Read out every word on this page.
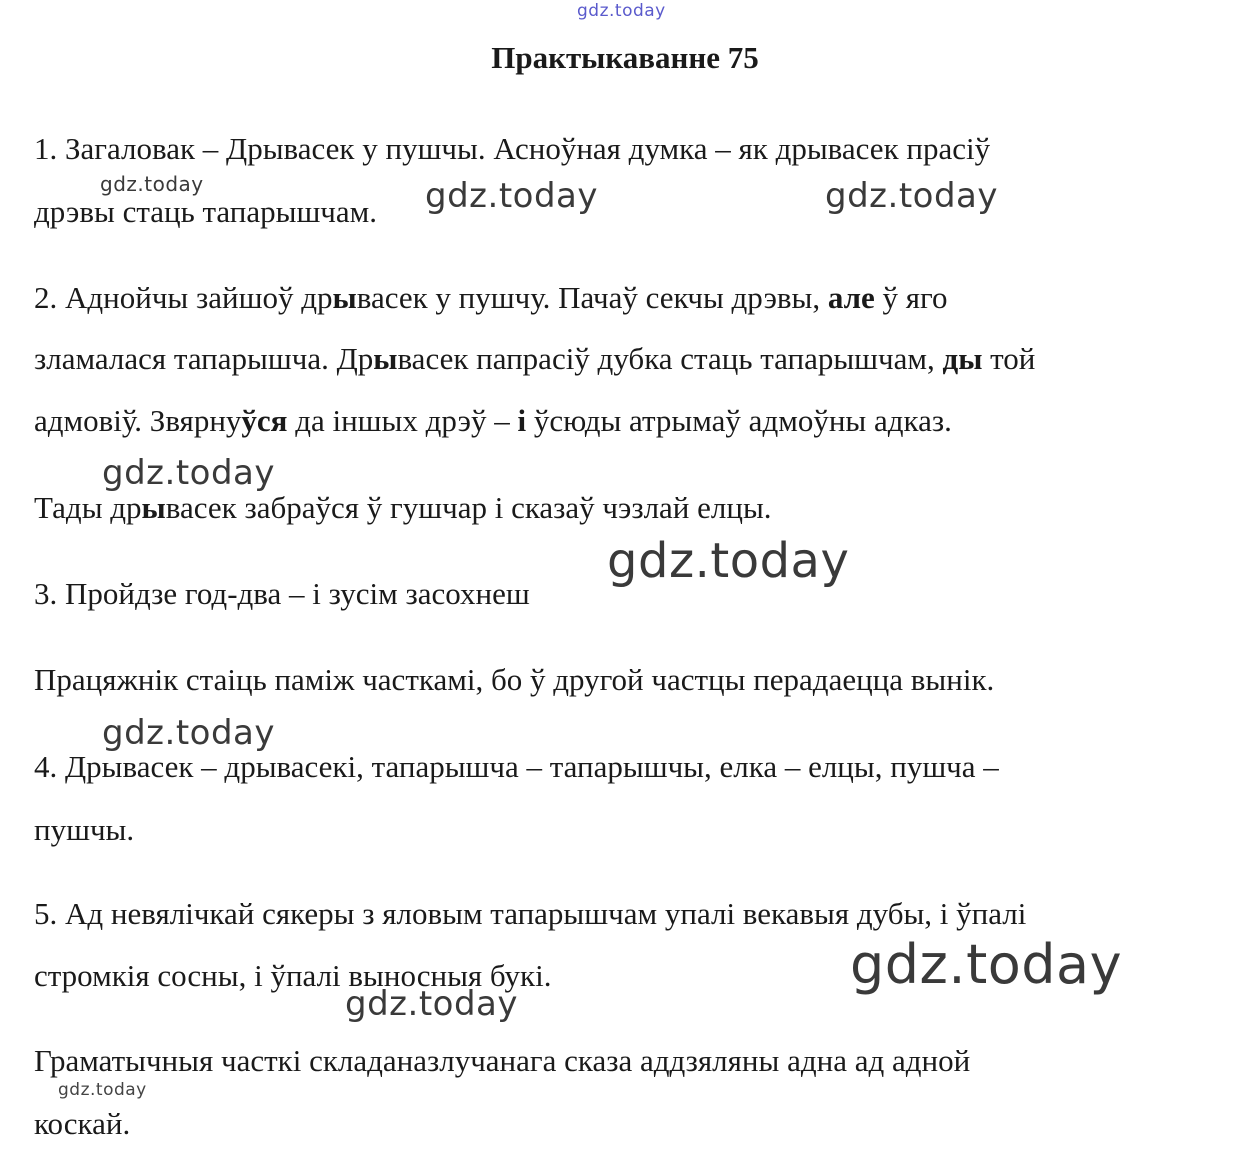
gdz.today
Практыкаванне 75
1. Загаловак – Дрывасек у пушчы. Асноўная думка – як дрывасек прасіў
gdz.today
дрэвы стаць тапарышчам. gdz.today	gdz.today
2. Аднойчы зайшоў дрывасек у пушчу. Пачаў секчы дрэвы, але ў яго
зламалася тапарышча. Дрывасек папрасіў дубка стаць тапарышчам, ды той
адмовіў. Звярнуўся да іншых дрэў – і ўсюды атрымаў адмоўны адказ.
gdz.today
Тады дрывасек забраўся ў гушчар і сказаў чэзлай елцы.
gdz.today
3. Пройдзе год-два – і зусім засохнеш
Працяжнік стаіць паміж часткамі, бо ў другой частцы перадаецца вынік.
gdz.today
4. Дрывасек – дрывасекі, тапарышча – тапарышчы, елка – елцы, пушча –
пушчы.
5. Ад невялічкай сякеры з яловым тапарышчам упалі векавыя дубы, і ўпалі
gdz.today
стромкія сосны, і ўпалі выносныя букі.
gdz.today
Граматычныя часткі складаназлучанага сказа аддзяляны адна ад адной
gdz.today
коскай.
